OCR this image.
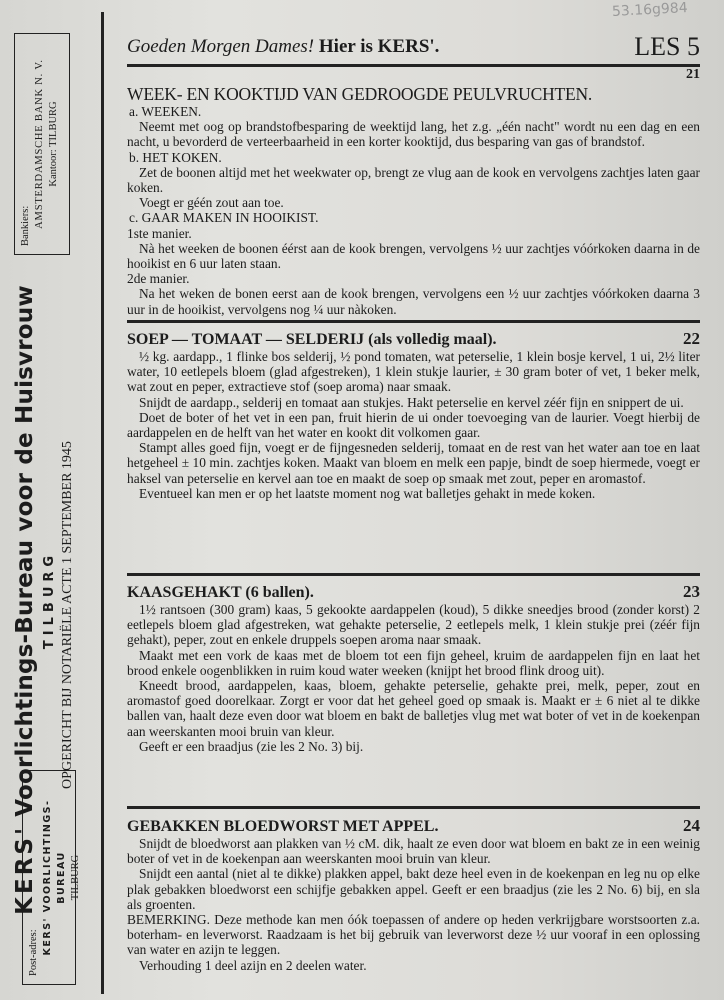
53.16g984
Post-adres: KERS' VOORLICHTINGS-BUREAU TILBURG
KERS' Voorlichtings-Bureau voor de Huisvrouw TILBURG OPGERICHT BIJ NOTARIËLE ACTE 1 SEPTEMBER 1945
Bankiers: AMSTERDAMSCHE BANK N. V. Kantoor: TILBURG
Goeden Morgen Dames! Hier is KERS'.	LES 5
21
WEEK- EN KOOKTIJD VAN GEDROOGDE PEULVRUCHTEN.
a. WEEKEN.

Neemt met oog op brandstofbesparing de weektijd lang, het z.g. „één nacht" wordt nu een dag en een nacht, u bevorderd de verteerbaarheid in een korter kooktijd, dus besparing van gas of brandstof.

b. HET KOKEN.

Zet de boonen altijd met het weekwater op, brengt ze vlug aan de kook en vervolgens zachtjes laten gaar koken.

Voegt er géén zout aan toe.

c. GAAR MAKEN IN HOOIKIST.
1ste manier.

Nà het weeken de boonen éérst aan de kook brengen, vervolgens ½ uur zachtjes vóórkoken daarna in de hooikist en 6 uur laten staan.

2de manier.

Na het weken de bonen eerst aan de kook brengen, vervolgens een ½ uur zachtjes vóórkoken daarna 3 uur in de hooikist, vervolgens nog ¼ uur nàkoken.

SOEP — TOMAAT — SELDERIJ (als volledig maal).	22

½ kg. aardapp., 1 flinke bos selderij, ½ pond tomaten, wat peterselie, 1 klein bosje kervel, 1 ui, 2½ liter water, 10 eetlepels bloem (glad afgestreken), 1 klein stukje laurier, ± 30 gram boter of vet, 1 beker melk, wat zout en peper, extractieve stof (soep aroma) naar smaak.

Snijdt de aardapp., selderij en tomaat aan stukjes. Hakt peterselie en kervel zéér fijn en snippert de ui.

Doet de boter of het vet in een pan, fruit hierin de ui onder toevoeging van de laurier. Voegt hierbij de aardappelen en de helft van het water en kookt dit volkomen gaar.

Stampt alles goed fijn, voegt er de fijngesneden selderij, tomaat en de rest van het water aan toe en laat hetgeheel ± 10 min. zachtjes koken. Maakt van bloem en melk een papje, bindt de soep hiermede, voegt er haksel van peterselie en kervel aan toe en maakt de soep op smaak met zout, peper en aromastof.

Eventueel kan men er op het laatste moment nog wat balletjes gehakt in mede koken.

KAASGEHAKT (6 ballen).	23

1½ rantsoen (300 gram) kaas, 5 gekookte aardappelen (koud), 5 dikke sneedjes brood (zonder korst) 2 eetlepels bloem glad afgestreken, wat gehakte peterselie, 2 eetlepels melk, 1 klein stukje prei (zéér fijn gehakt), peper, zout en enkele druppels soepen aroma naar smaak.

Maakt met een vork de kaas met de bloem tot een fijn geheel, kruim de aardappelen fijn en laat het brood enkele oogenblikken in ruim koud water weeken (knijpt het brood flink droog uit).

Kneedt brood, aardappelen, kaas, bloem, gehakte peterselie, gehakte prei, melk, peper, zout en aromastof goed doorelkaar. Zorgt er voor dat het geheel goed op smaak is. Maakt er ± 6 niet al te dikke ballen van, haalt deze even door wat bloem en bakt de balletjes vlug met wat boter of vet in de koekenpan aan weerskanten mooi bruin van kleur.

Geeft er een braadjus (zie les 2 No. 3) bij.

GEBAKKEN BLOEDWORST MET APPEL.	24

Snijdt de bloedworst aan plakken van ½ cM. dik, haalt ze even door wat bloem en bakt ze in een weinig boter of vet in de koekenpan aan weerskanten mooi bruin van kleur.

Snijdt een aantal (niet al te dikke) plakken appel, bakt deze heel even in de koekenpan en leg nu op elke plak gebakken bloedworst een schijfje gebakken appel. Geeft er een braadjus (zie les 2 No. 6) bij, en sla als groenten.

BEMERKING. Deze methode kan men óók toepassen of andere op heden verkrijgbare worstsoorten z.a. boterham- en leverworst. Raadzaam is het bij gebruik van leverworst deze ½ uur vooraf in een oplossing van water en azijn te leggen.

Verhouding 1 deel azijn en 2 deelen water.
